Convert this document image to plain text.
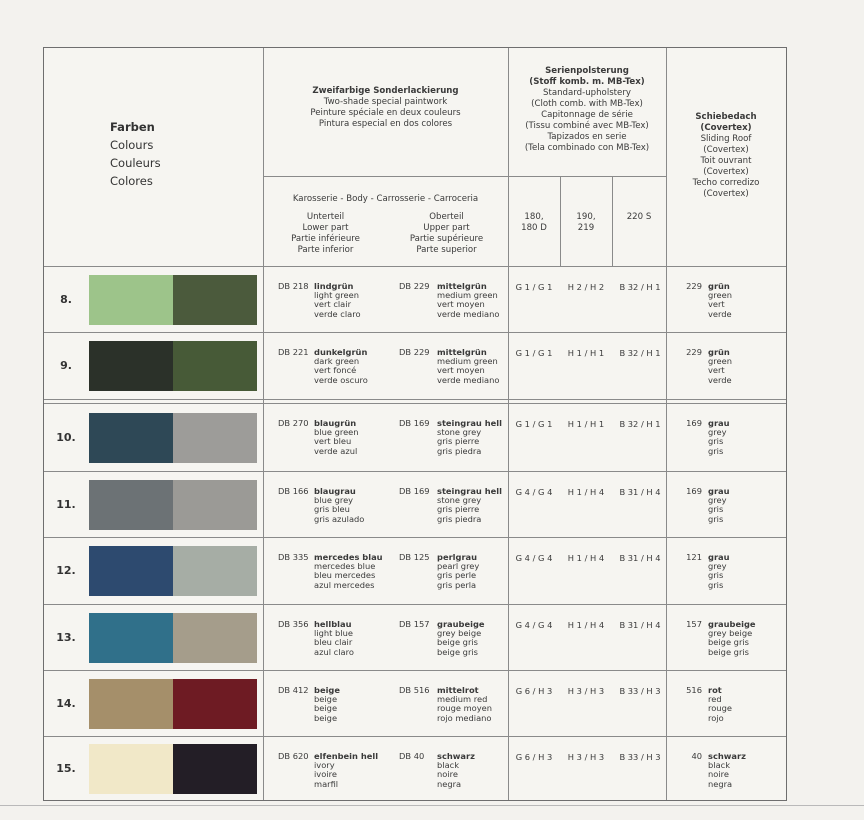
Farben
Colours
Couleurs
Colores
Zweifarbige Sonderlackierung
Two-shade special paintwork
Peinture spéciale en deux couleurs
Pintura especial en dos colores
Karosserie - Body - Carrosserie - Carroceria
Unterteil
Lower part
Partie inférieure
Parte inferior
Oberteil
Upper part
Partie supérieure
Parte superior
Serienpolsterung
(Stoff komb. m. MB-Tex)
Standard-upholstery
(Cloth comb. with MB-Tex)
Capitonnage de série
(Tissu combiné avec MB-Tex)
Tapizados en serie
(Tela combinado con MB-Tex)
180,
180 D
190,
219
220 S
Schiebedach
(Covertex)
Sliding Roof
(Covertex)
Toit ouvrant
(Covertex)
Techo corredizo
(Covertex)
8.
DB 218 lindgrün
light green
vert clair
verde claro
DB 229 mittelgrün
medium green
vert moyen
verde mediano
G 1 / G 1	H 2 / H 2	B 32 / H 1	229 grün
green
vert
verde
9.
DB 221 dunkelgrün
dark green
vert foncé
verde oscuro
DB 229 mittelgrün
medium green
vert moyen
verde mediano
G 1 / G 1	H 1 / H 1	B 32 / H 1	229 grün
green
vert
verde
10.
DB 270 blaugrün
blue green
vert bleu
verde azul
DB 169 steingrau hell
stone grey
gris pierre
gris piedra
G 1 / G 1	H 1 / H 1	B 32 / H 1	169 grau
grey
gris
gris
11.
DB 166 blaugrau
blue grey
gris bleu
gris azulado
DB 169 steingrau hell
stone grey
gris pierre
gris piedra
G 4 / G 4	H 1 / H 4	B 31 / H 4	169 grau
grey
gris
gris
12.
DB 335 mercedes blau
mercedes blue
bleu mercedes
azul mercedes
DB 125 perlgrau
pearl grey
gris perle
gris perla
G 4 / G 4	H 1 / H 4	B 31 / H 4	121 grau
grey
gris
gris
13.
DB 356 hellblau
light blue
bleu clair
azul claro
DB 157 graubeige
grey beige
beige gris
beige gris
G 4 / G 4	H 1 / H 4	B 31 / H 4	157 graubeige
grey beige
beige gris
beige gris
14.
DB 412 beige
beige
beige
beige
DB 516 mittelrot
medium red
rouge moyen
rojo mediano
G 6 / H 3	H 3 / H 3	B 33 / H 3	516 rot
red
rouge
rojo
15.
DB 620 elfenbein hell
ivory
ivoire
marfil
DB 40 schwarz
black
noire
negra
G 6 / H 3	H 3 / H 3	B 33 / H 3	40 schwarz
black
noire
negra
